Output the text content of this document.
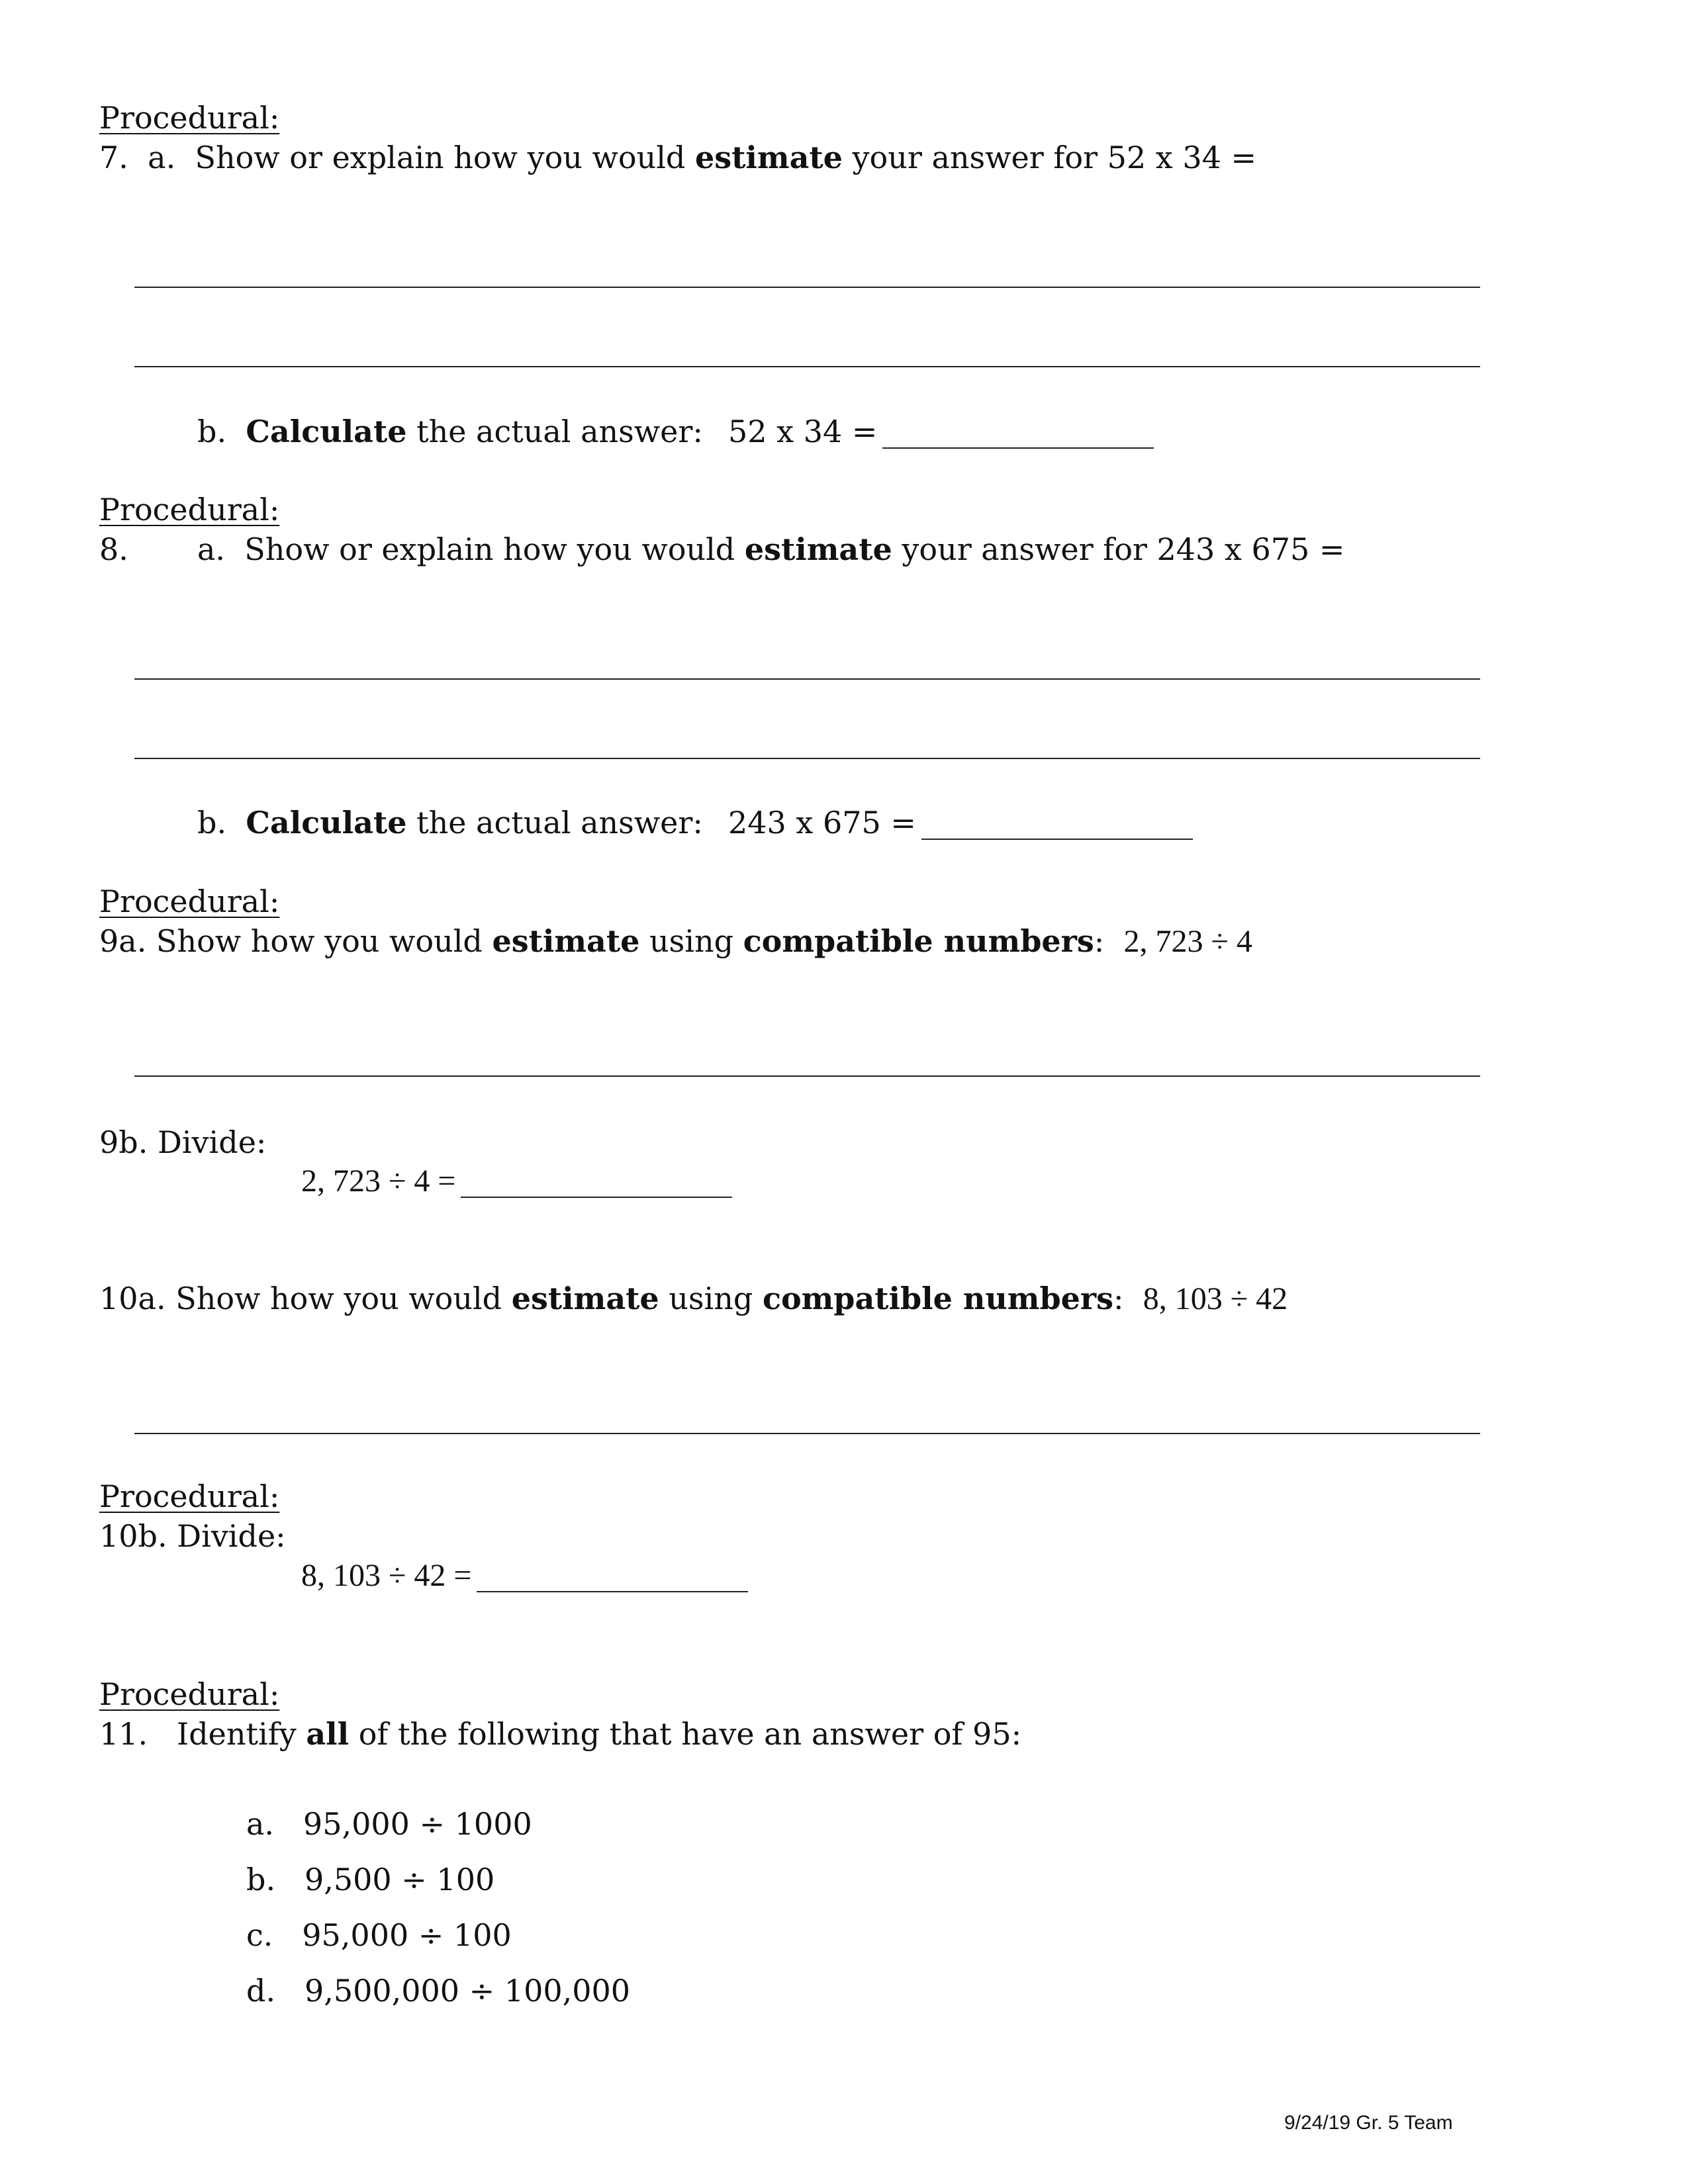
Procedural:

7. a. Show or explain how you would estimate your answer for 52 x 34 =

b. Calculate the actual answer: 52 x 34 =

Procedural:

8. a. Show or explain how you would estimate your answer for 243 x 675 =

b. Calculate the actual answer: 243 x 675 =

Procedural:

9a. Show how you would estimate using compatible numbers: 2, 723 ÷ 4

9b. Divide:

2, 723 ÷ 4 =

10a. Show how you would estimate using compatible numbers: 8, 103 ÷ 42

Procedural:

10b. Divide:

8, 103 ÷ 42 =

Procedural:

11. Identify all of the following that have an answer of 95:

a. 95,000 ÷ 1000

b. 9,500 ÷ 100

c. 95,000 ÷ 100

d. 9,500,000 ÷ 100,000

9/24/19 Gr. 5 Team
